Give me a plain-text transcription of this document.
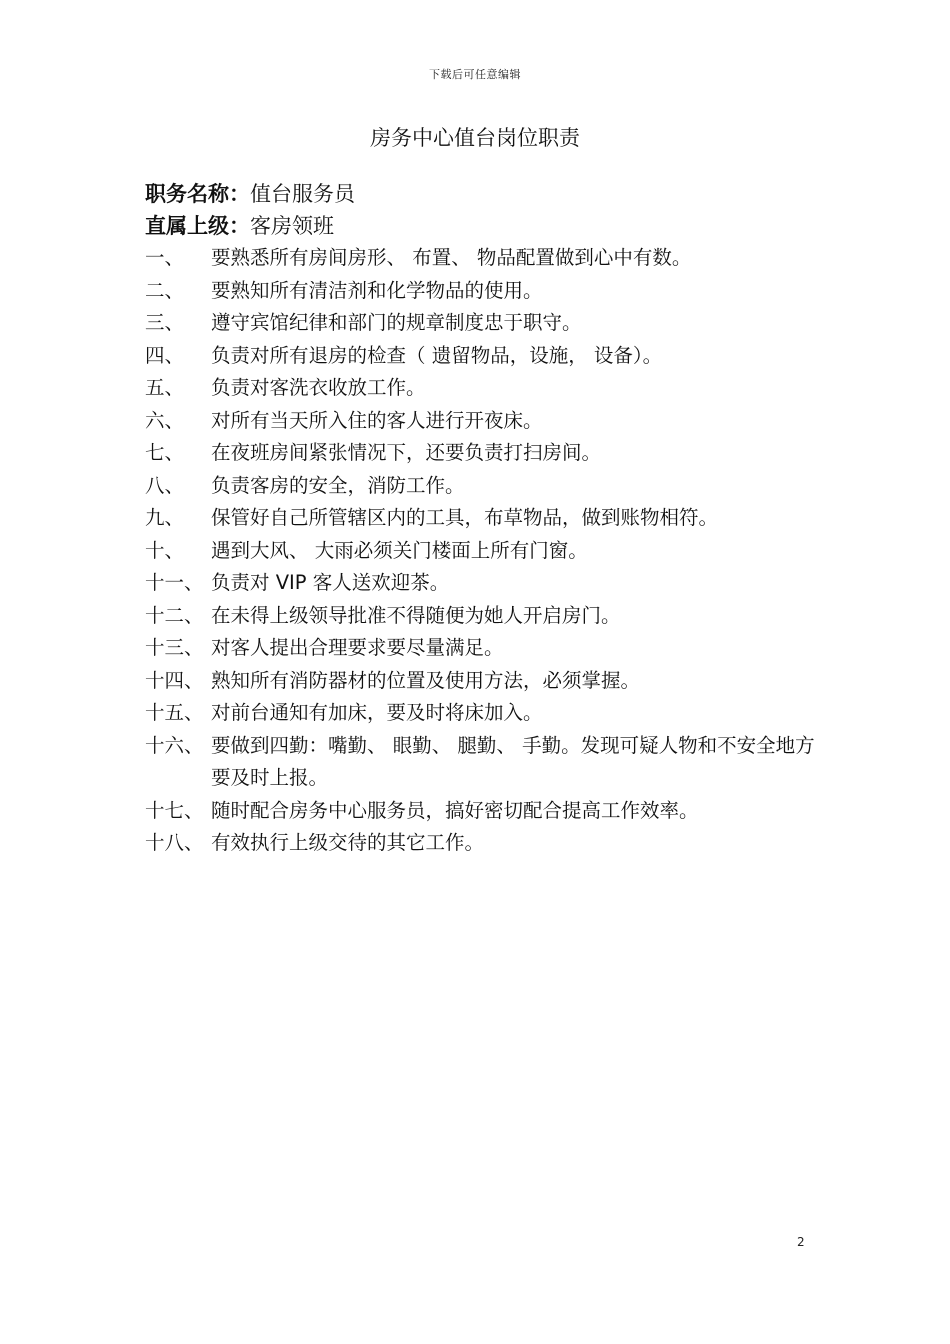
下载后可任意编辑
房务中心值台岗位职责
职务名称：值台服务员
直属上级：客房领班
一、	要熟悉所有房间房形、 布置、 物品配置做到心中有数。
二、	要熟知所有清洁剂和化学物品的使用。
三、	遵守宾馆纪律和部门的规章制度忠于职守。
四、	负责对所有退房的检查（ 遗留物品，设施， 设备）。
五、	负责对客洗衣收放工作。
六、	对所有当天所入住的客人进行开夜床。
七、	在夜班房间紧张情况下，还要负责打扫房间。
八、	负责客房的安全，消防工作。
九、	保管好自己所管辖区内的工具，布草物品，做到账物相符。
十、	遇到大风、 大雨必须关门楼面上所有门窗。
十一、 负责对 VIP 客人送欢迎茶。
十二、 在未得上级领导批准不得随便为她人开启房门。
十三、 对客人提出合理要求要尽量满足。
十四、 熟知所有消防器材的位置及使用方法，必须掌握。
十五、 对前台通知有加床，要及时将床加入。
十六、 要做到四勤：嘴勤、 眼勤、 腿勤、 手勤。发现可疑人物和不安全地方要及时上报。
十七、 随时配合房务中心服务员，搞好密切配合提高工作效率。
十八、 有效执行上级交待的其它工作。
2
